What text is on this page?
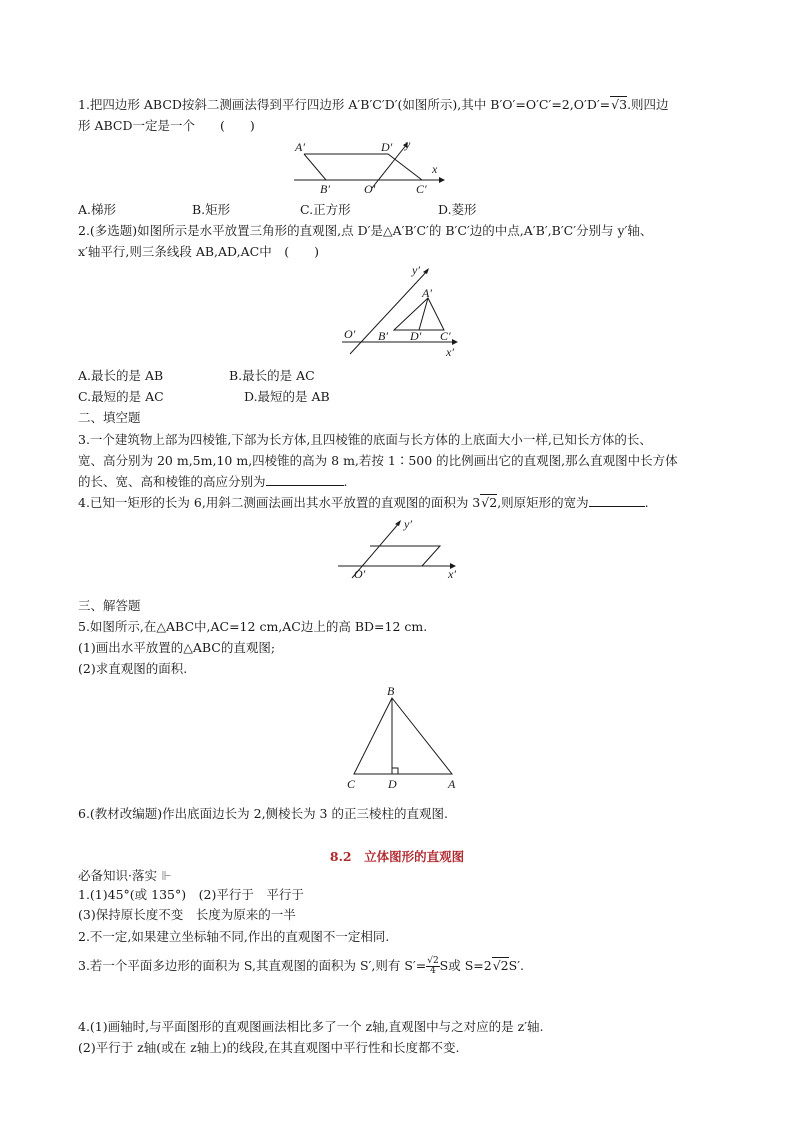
1.把四边形 ABCD按斜二测画法得到平行四边形 A′B′C′D′(如图所示),其中 B′O′=O′C′=2,O′D′=√3.则四边
形 ABCD一定是一个　　 (　　)
A′	D′ y
x
B′	O′	C′
A.梯形	B.矩形	C.正方形	D.菱形
2.(多选题)如图所示是水平放置三角形的直观图,点 D′是△A′B′C′的 B′C′边的中点,A′B′,B′C′分别与 y′轴、
x′轴平行,则三条线段 AB,AD,AC中　 (　　)
y′
A′
O′ B′ D′ C′
x′
A.最长的是 AB	B.最长的是 AC
C.最短的是 AC	D.最短的是 AB
二、填空题
3.一个建筑物上部为四棱锥,下部为长方体,且四棱锥的底面与长方体的上底面大小一样,已知长方体的长、
宽、高分别为 20 m,5m,10 m,四棱锥的高为 8 m,若按 1∶500 的比例画出它的直观图,那么直观图中长方体
的长、宽、高和棱锥的高应分别为	.
4.已知一矩形的长为 6,用斜二测画法画出其水平放置的直观图的面积为 3√2,则原矩形的宽为	.
y′
O′	x′
三、解答题
5.如图所示,在△ABC中,AC=12 cm,AC边上的高 BD=12 cm.
(1)画出水平放置的△ABC的直观图;
(2)求直观图的面积.
B
C	D	A
6.(教材改编题)作出底面边长为 2,侧棱长为 3 的正三棱柱的直观图.
8.2　立体图形的直观图
必备知识·落实 ⊩
1.(1)45°(或 135°)　(2)平行于　平行于
(3)保持原长度不变　长度为原来的一半
2.不一定,如果建立坐标轴不同,作出的直观图不一定相同.
3.若一个平面多边形的面积为 S,其直观图的面积为 S′,则有 $S'= \frac{√2}{4}$ S或 S=2√2S′.
4.(1)画轴时,与平面图形的直观图画法相比多了一个 z轴,直观图中与之对应的是 z′轴.
(2)平行于 z轴(或在 z轴上)的线段,在其直观图中平行性和长度都不变.
